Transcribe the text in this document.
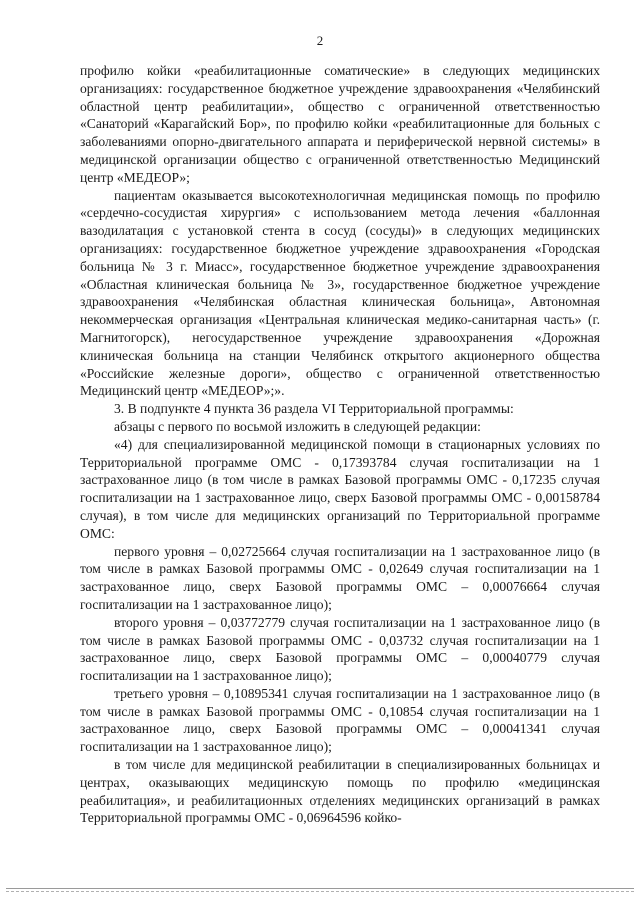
2

профилю койки «реабилитационные соматические» в следующих медицинских организациях: государственное бюджетное учреждение здравоохранения «Челябинский областной центр реабилитации», общество с ограниченной ответственностью «Санаторий «Карагайский Бор», по профилю койки «реабилитационные для больных с заболеваниями опорно-двигательного аппарата и периферической нервной системы» в медицинской организации общество с ограниченной ответственностью Медицинский центр «МЕДЕОР»;

пациентам оказывается высокотехнологичная медицинская помощь по профилю «сердечно-сосудистая хирургия» с использованием метода лечения «баллонная вазодилатация с установкой стента в сосуд (сосуды)» в следующих медицинских организациях: государственное бюджетное учреждение здравоохранения «Городская больница № 3 г. Миасс», государственное бюджетное учреждение здравоохранения «Областная клиническая больница № 3», государственное бюджетное учреждение здравоохранения «Челябинская областная клиническая больница», Автономная некоммерческая организация «Центральная клиническая медико-санитарная часть» (г. Магнитогорск), негосударственное учреждение здравоохранения «Дорожная клиническая больница на станции Челябинск открытого акционерного общества «Российские железные дороги», общество с ограниченной ответственностью Медицинский центр «МЕДЕОР»;».

3. В подпункте 4 пункта 36 раздела VI Территориальной программы:

абзацы с первого по восьмой изложить в следующей редакции:

«4) для специализированной медицинской помощи в стационарных условиях по Территориальной программе ОМС - 0,17393784 случая госпитализации на 1 застрахованное лицо (в том числе в рамках Базовой программы ОМС - 0,17235 случая госпитализации на 1 застрахованное лицо, сверх Базовой программы ОМС - 0,00158784 случая), в том числе для медицинских организаций по Территориальной программе ОМС:

первого уровня – 0,02725664 случая госпитализации на 1 застрахованное лицо (в том числе в рамках Базовой программы ОМС - 0,02649 случая госпитализации на 1 застрахованное лицо, сверх Базовой программы ОМС – 0,00076664 случая госпитализации на 1 застрахованное лицо);

второго уровня – 0,03772779 случая госпитализации на 1 застрахованное лицо (в том числе в рамках Базовой программы ОМС - 0,03732 случая госпитализации на 1 застрахованное лицо, сверх Базовой программы ОМС – 0,00040779 случая госпитализации на 1 застрахованное лицо);

третьего уровня – 0,10895341 случая госпитализации на 1 застрахованное лицо (в том числе в рамках Базовой программы ОМС - 0,10854 случая госпитализации на 1 застрахованное лицо, сверх Базовой программы ОМС – 0,00041341 случая госпитализации на 1 застрахованное лицо);

в том числе для медицинской реабилитации в специализированных больницах и центрах, оказывающих медицинскую помощь по профилю «медицинская реабилитация», и реабилитационных отделениях медицинских организаций в рамках Территориальной программы ОМС - 0,06964596 койко-
